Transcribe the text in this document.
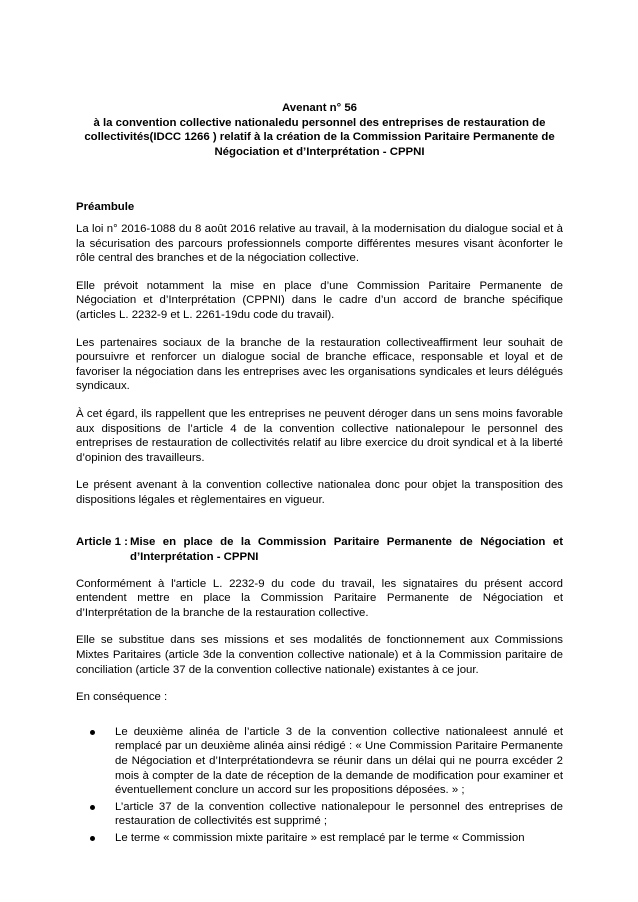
Avenant n° 56
à la convention collective nationaledu personnel des entreprises de restauration de collectivités(IDCC 1266 ) relatif à la création de la Commission Paritaire Permanente de Négociation et d’Interprétation - CPPNI
Préambule

La loi n° 2016-1088 du 8 août 2016 relative au travail, à la modernisation du dialogue social et à la sécurisation des parcours professionnels comporte différentes mesures visant àconforter le rôle central des branches et de la négociation collective.

Elle prévoit notamment la mise en place d’une Commission Paritaire Permanente de Négociation et d’Interprétation (CPPNI) dans le cadre d’un accord de branche spécifique (articles L. 2232-9 et L. 2261-19du code du travail).

Les partenaires sociaux de la branche de la restauration collectiveaffirment leur souhait de poursuivre et renforcer un dialogue social de branche efficace, responsable et loyal et de favoriser la négociation dans les entreprises avec les organisations syndicales et leurs délégués syndicaux.

À cet égard, ils rappellent que les entreprises ne peuvent déroger dans un sens moins favorable aux dispositions de l’article 4 de la convention collective nationalepour le personnel des entreprises de restauration de collectivités relatif au libre exercice du droit syndical et à la liberté d’opinion des travailleurs.

Le présent avenant à la convention collective nationalea donc pour objet la transposition des dispositions légales et règlementaires en vigueur.

Article 1 : Mise en place de la Commission Paritaire Permanente de Négociation et d’Interprétation - CPPNI

Conformément à l'article L. 2232-9 du code du travail, les signataires du présent accord entendent mettre en place la Commission Paritaire Permanente de Négociation et d’Interprétation de la branche de la restauration collective.

Elle se substitue dans ses missions et ses modalités de fonctionnement aux Commissions Mixtes Paritaires (article 3de la convention collective nationale) et à la Commission paritaire de conciliation (article 37 de la convention collective nationale) existantes à ce jour.

En conséquence :

Le deuxième alinéa de l’article 3 de la convention collective nationaleest annulé et remplacé par un deuxième alinéa ainsi rédigé : « Une Commission Paritaire Permanente de Négociation et d’Interprétationdevra se réunir dans un délai qui ne pourra excéder 2 mois à compter de la date de réception de la demande de modification pour examiner et éventuellement conclure un accord sur les propositions déposées. » ;
L’article 37 de la convention collective nationalepour le personnel des entreprises de restauration de collectivités est supprimé ;
Le terme « commission mixte paritaire » est remplacé par le terme « Commission
